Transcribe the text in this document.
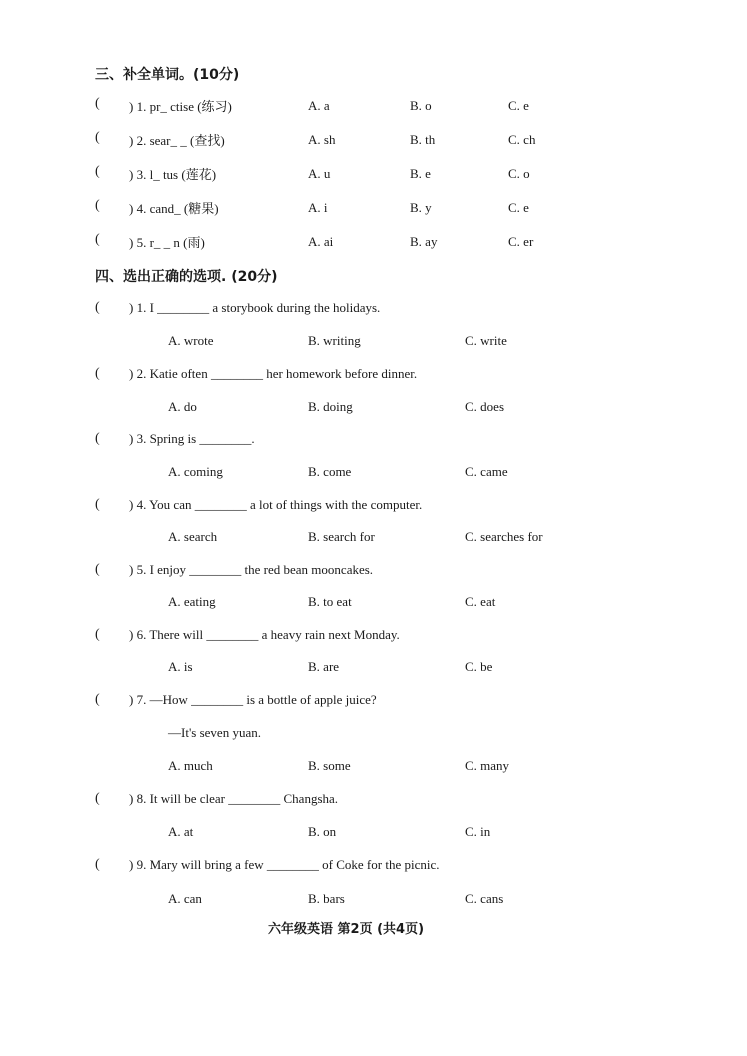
三、补全单词。(10分)
( ) 1. pr_ ctise (练习)	A. a	B. o	C. e
( ) 2. sear_ _ (查找)	A. sh	B. th	C. ch
( ) 3. l_ tus (莲花)	A. u	B. e	C. o
( ) 4. cand_ (糖果)	A. i	B. y	C. e
( ) 5. r_ _ n (雨)	A. ai	B. ay	C. er
四、选出正确的选项. (20分)
( ) 1. I ________ a storybook during the holidays.
A. wrote	B. writing	C. write
( ) 2. Katie often ________ her homework before dinner.
A. do	B. doing	C. does
( ) 3. Spring is ________.
A. coming	B. come	C. came
( ) 4. You can ________ a lot of things with the computer.
A. search	B. search for	C. searches for
( ) 5. I enjoy ________ the red bean mooncakes.
A. eating	B. to eat	C. eat
( ) 6. There will ________ a heavy rain next Monday.
A. is	B. are	C. be
( ) 7. —How ________ is a bottle of apple juice?
—It's seven yuan.
A. much	B. some	C. many
( ) 8. It will be clear ________ Changsha.
A. at	B. on	C. in
( ) 9. Mary will bring a few ________ of Coke for the picnic.
A. can	B. bars	C. cans
六年级英语 第2页 (共4页)
